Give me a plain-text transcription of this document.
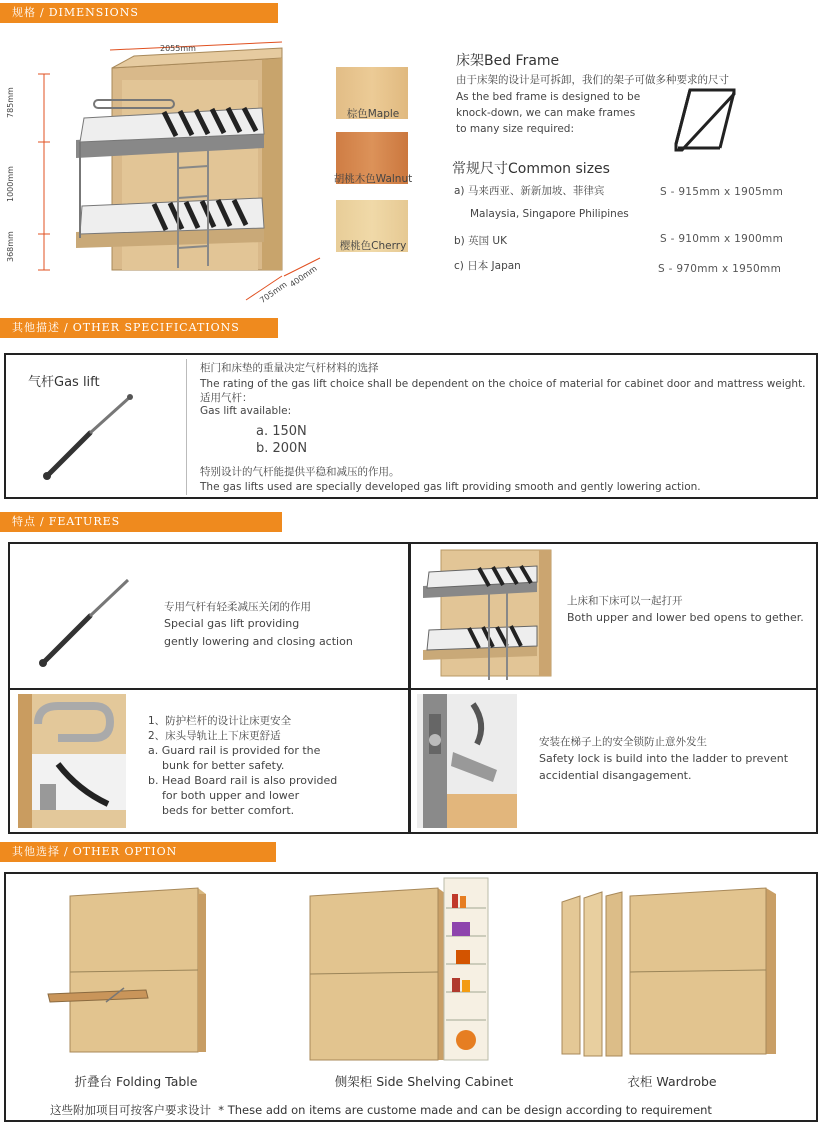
规格 / DIMENSIONS
2055mm
785mm
1000mm
368mm
705mm
400mm
棕色Maple
胡桃木色Walnut
樱桃色Cherry
床架Bed Frame
由于床架的设计是可拆卸，我们的架子可做多种要求的尺寸
As the bed frame is designed to be
knock-down, we can make frames
to many size required:
常规尺寸Common sizes
a) 马来西亚、新新加坡、菲律宾
Malaysia, Singapore Philipines
S - 915mm x 1905mm
b) 英国 UK	S - 910mm x 1900mm
c) 日本 Japan	S - 970mm x 1950mm
其他描述 / OTHER SPECIFICATIONS
气杆Gas lift
柜门和床垫的重量决定气杆材料的选择
The rating of the gas lift choice shall be dependent on the choice of material for cabinet door and mattress weight.
适用气杆：
Gas lift available:
a. 150N
b. 200N
特别设计的气杆能提供平稳和减压的作用。
The gas lifts used are specially developed gas lift providing smooth and gently lowering action.
特点 / FEATURES
专用气杆有轻柔减压关闭的作用
Special gas lift providing
gently lowering and closing action
上床和下床可以一起打开
Both upper and lower bed opens to gether.
1、防护栏杆的设计让床更安全
2、床头导轨让上下床更舒适
a. Guard rail is provided for the
bunk for better safety.
b. Head Board rail is also provided
for both upper and lower
beds for better comfort.
安装在梯子上的安全锁防止意外发生
Safety lock is build into the ladder to prevent
accidential disangagement.
其他选择 / OTHER OPTION
折叠台 Folding Table	侧架柜 Side Shelving Cabinet	衣柜 Wardrobe
这些附加项目可按客户要求设计  * These add on items are custome made and can be design according to requirement
